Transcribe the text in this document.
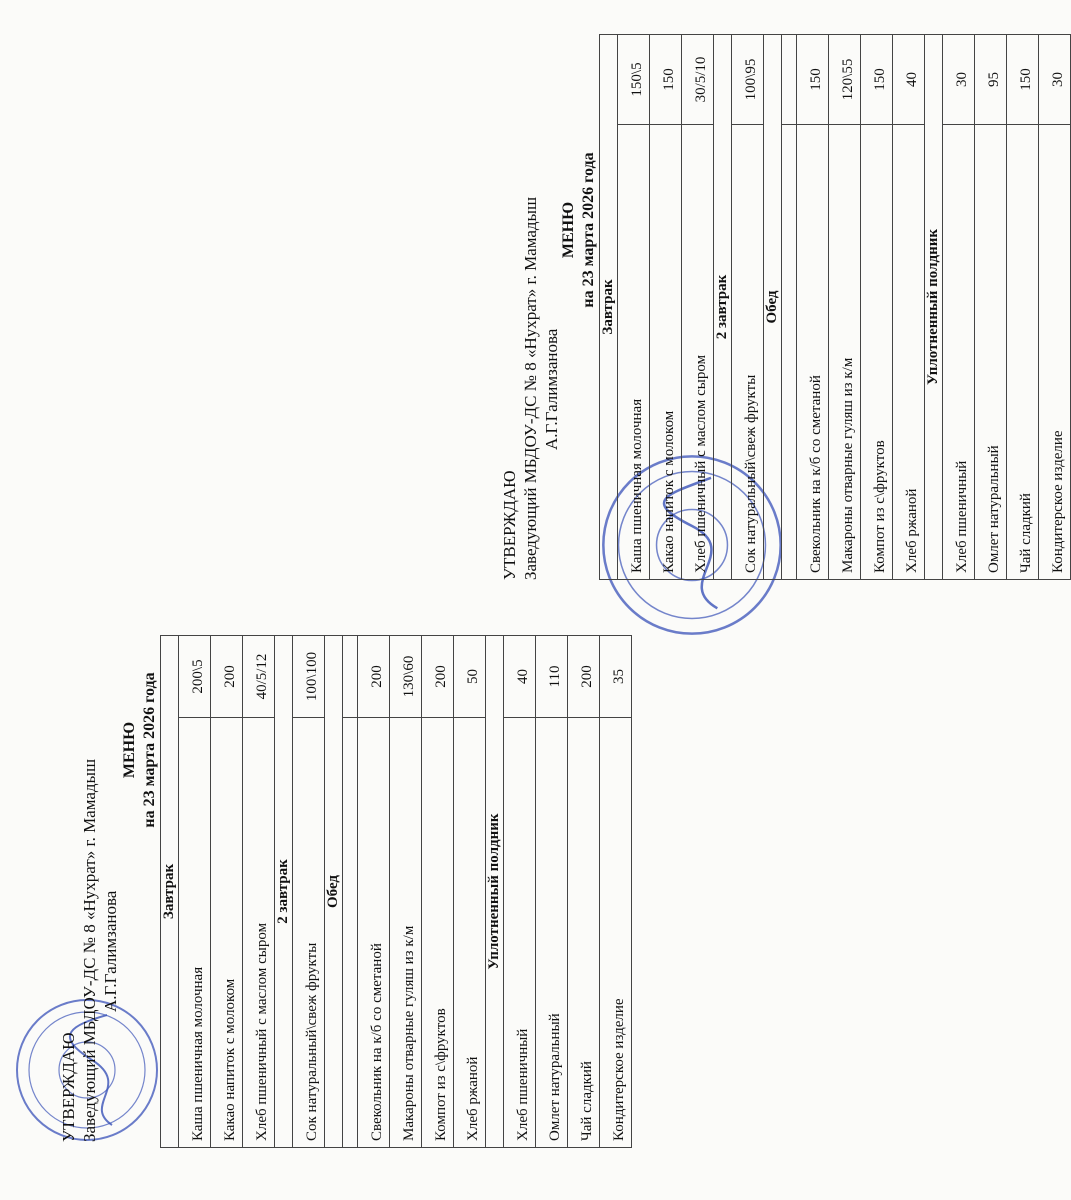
УТВЕРЖДАЮ Заведующий МБДОУ-ДС № 8 «Нухрат» г. Мамадыш А.Г.Галимзанова
МЕНЮ на 23 марта 2026 года
Завтрак	
Каша пшеничная молочная	200\5
Какао напиток с молоком	200
Хлеб пшеничный с маслом сыром	40/5/12
2 завтрак	
Сок натуральный\свеж фрукты	100\100
Обед	

Свекольник на к/б со сметаной	200
Макароны отварные гуляш из к/м	130\60
Компот из с\фруктов	200
Хлеб ржаной	50
Уплотненный полдник	
Хлеб пшеничный	40
Омлет натуральный	110
Чай сладкий	200
Кондитерское изделие	35
УТВЕРЖДАЮ Заведующий МБДОУ-ДС № 8 «Нухрат» г. Мамадыш А.Г.Галимзанова
МЕНЮ на 23 марта 2026 года Завтрак	
Каша пшеничная молочная	150\5
Какао напиток с молоком	150
Хлеб пшеничный с маслом сыром	30/5/10
2 завтрак	
Сок натуральный\свеж фрукты	100\95
Обед	

Свекольник на к/б со сметаной	150
Макароны отварные гуляш из к/м	120\55
Компот из с\фруктов	150
Хлеб ржаной	40
Уплотненный полдник	
Хлеб пшеничный	30
Омлет натуральный	95
Чай сладкий	150
Кондитерское изделие	30
